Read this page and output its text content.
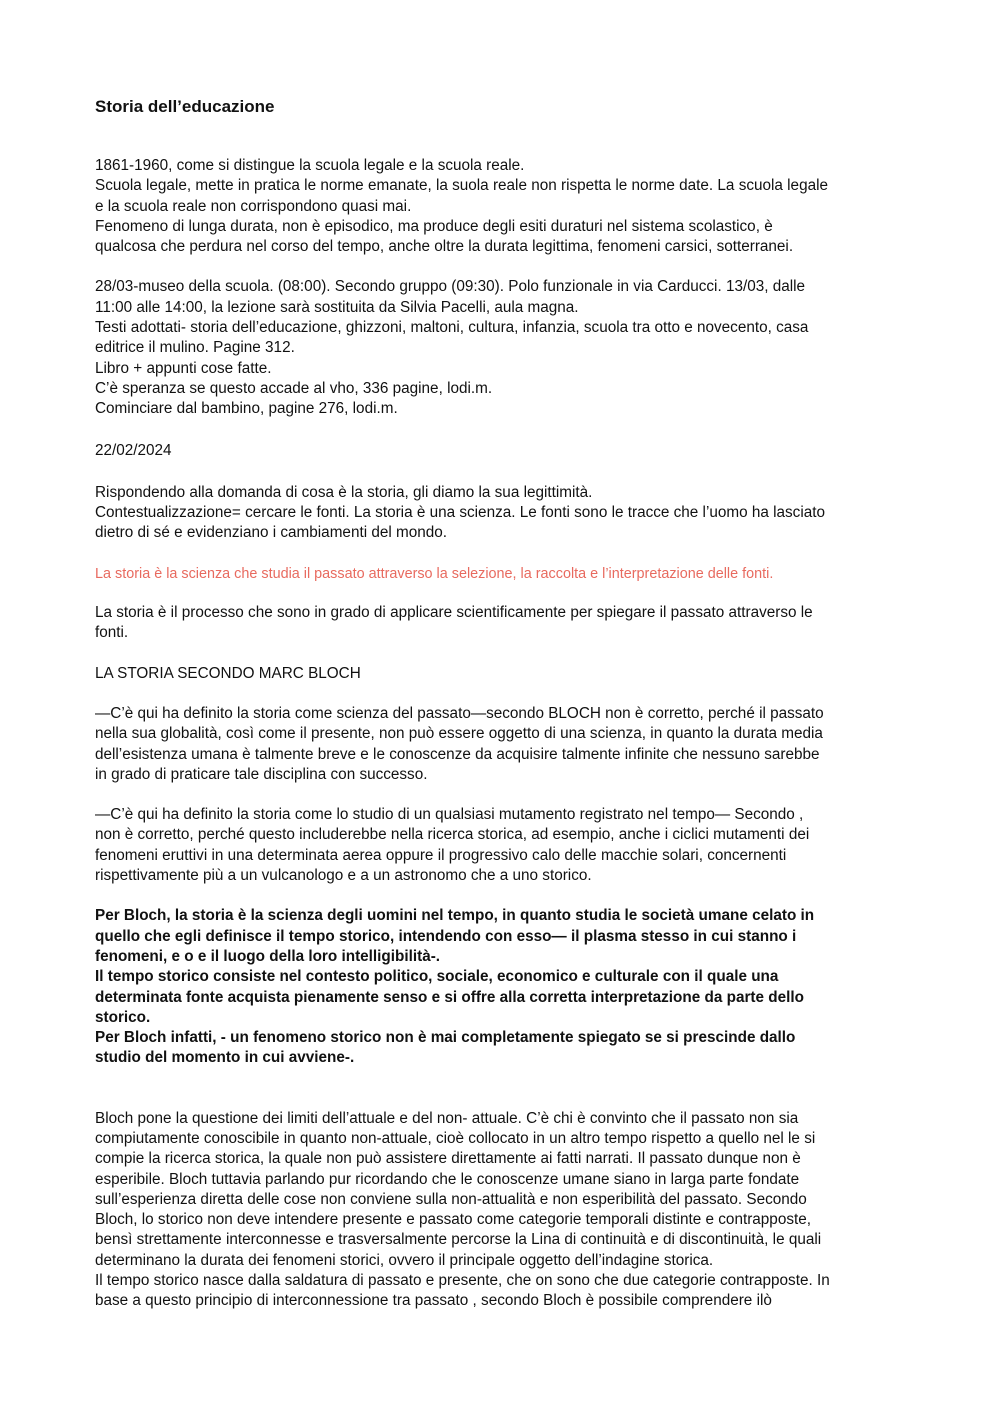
Storia dell’educazione
1861-1960, come si distingue la scuola legale e la scuola reale.
Scuola legale, mette in pratica le norme emanate, la suola reale non rispetta le norme date. La scuola legale
e la scuola reale non corrispondono quasi mai.
Fenomeno di lunga durata, non è episodico, ma produce degli esiti duraturi nel sistema scolastico, è
qualcosa che perdura nel corso del tempo, anche oltre la durata legittima, fenomeni carsici, sotterranei.
28/03-museo della scuola. (08:00). Secondo gruppo (09:30). Polo funzionale in via Carducci. 13/03, dalle
11:00 alle 14:00, la lezione sarà sostituita da Silvia Pacelli, aula magna.
Testi adottati- storia dell’educazione, ghizzoni, maltoni, cultura, infanzia, scuola tra otto e novecento, casa
editrice il mulino. Pagine 312.
Libro + appunti cose fatte.
C’è speranza se questo accade al vho, 336 pagine, lodi.m.
Cominciare dal bambino, pagine 276, lodi.m.
22/02/2024
Rispondendo alla domanda di cosa è la storia, gli diamo la sua legittimità.
Contestualizzazione= cercare le fonti. La storia è una scienza. Le fonti sono le tracce che l’uomo ha lasciato
dietro di sé e evidenziano i cambiamenti del mondo.
La storia è la scienza che studia il passato attraverso la selezione, la raccolta e l’interpretazione delle fonti.
La storia è il processo che sono in grado di applicare scientificamente per spiegare il passato attraverso le
fonti.
LA STORIA SECONDO MARC BLOCH
—C’è qui ha definito la storia come scienza del passato—secondo BLOCH non è corretto, perché il passato
nella sua globalità, così come il presente, non può essere oggetto di una scienza, in quanto la durata media
dell’esistenza umana è talmente breve e le conoscenze da acquisire talmente infinite che nessuno sarebbe
in grado di praticare tale disciplina con successo.
—C’è qui ha definito la storia come lo studio di un qualsiasi mutamento registrato nel tempo— Secondo ,
non è corretto, perché questo includerebbe nella ricerca storica, ad esempio, anche i ciclici mutamenti dei
fenomeni eruttivi in una determinata aerea oppure il progressivo calo delle macchie solari, concernenti
rispettivamente più a un vulcanologo e a un astronomo che a uno storico.
Per Bloch, la storia è la scienza degli uomini nel tempo, in quanto studia le società umane celato in
quello che egli definisce il tempo storico, intendendo con esso— il plasma stesso in cui stanno i
fenomeni, e o e il luogo della loro intelligibilità-.
Il tempo storico consiste nel contesto politico, sociale, economico e culturale con il quale una
determinata fonte acquista pienamente senso e si offre alla corretta interpretazione da parte dello
storico.
Per Bloch infatti, - un fenomeno storico non è mai completamente spiegato se si prescinde dallo
studio del momento in cui avviene-.
Bloch pone la questione dei limiti dell’attuale e del non- attuale. C’è chi è convinto che il passato non sia
compiutamente conoscibile in quanto non-attuale, cioè collocato in un altro tempo rispetto a quello nel le si
compie la ricerca storica, la quale non può assistere direttamente ai fatti narrati. Il passato dunque non è
esperibile. Bloch tuttavia parlando pur ricordando che le conoscenze umane siano in larga parte fondate
sull’esperienza diretta delle cose non conviene sulla non-attualità e non esperibilità del passato. Secondo
Bloch, lo storico non deve intendere presente e passato come categorie temporali distinte e contrapposte,
bensì strettamente interconnesse e trasversalmente percorse la Lina di continuità e di discontinuità, le quali
determinano la durata dei fenomeni storici, ovvero il principale oggetto dell’indagine storica.
Il tempo storico nasce dalla saldatura di passato e presente, che on sono che due categorie contrapposte. In
base a questo principio di interconnessione tra passato , secondo Bloch è possibile comprendere ilò
